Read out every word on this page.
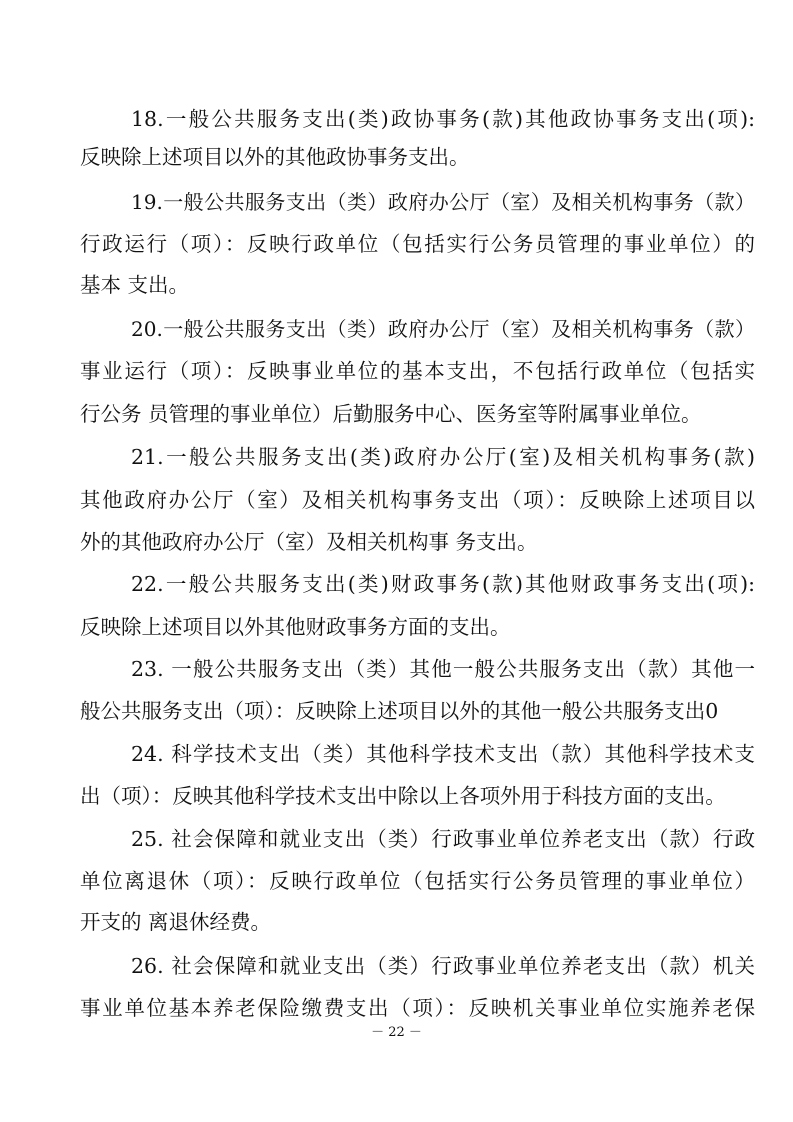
18.一般公共服务支出(类)政协事务(款)其他政协事务支出(项):
反映除上述项目以外的其他政协事务支出。
19.一般公共服务支出（类）政府办公厅（室）及相关机构事务（款）
行政运行（项）：反映行政单位（包括实行公务员管理的事业单位）的
基本 支出。
20.一般公共服务支出（类）政府办公厅（室）及相关机构事务（款）
事业运行（项）：反映事业单位的基本支出，不包括行政单位（包括实
行公务 员管理的事业单位）后勤服务中心、医务室等附属事业单位。
21.一般公共服务支出(类)政府办公厅(室)及相关机构事务(款)
其他政府办公厅（室）及相关机构事务支出（项）：反映除上述项目以
外的其他政府办公厅（室）及相关机构事 务支出。
22.一般公共服务支出(类)财政事务(款)其他财政事务支出(项):
反映除上述项目以外其他财政事务方面的支出。
23. 一般公共服务支出（类）其他一般公共服务支出（款）其他一
般公共服务支出（项）：反映除上述项目以外的其他一般公共服务支出0
24. 科学技术支出（类）其他科学技术支出（款）其他科学技术支
出（项）：反映其他科学技术支出中除以上各项外用于科技方面的支出。
25. 社会保障和就业支出（类）行政事业单位养老支出（款）行政
单位离退休（项）：反映行政单位（包括实行公务员管理的事业单位）
开支的 离退休经费。
26. 社会保障和就业支出（类）行政事业单位养老支出（款）机关
事业单位基本养老保险缴费支出（项）：反映机关事业单位实施养老保
－ 22 －
